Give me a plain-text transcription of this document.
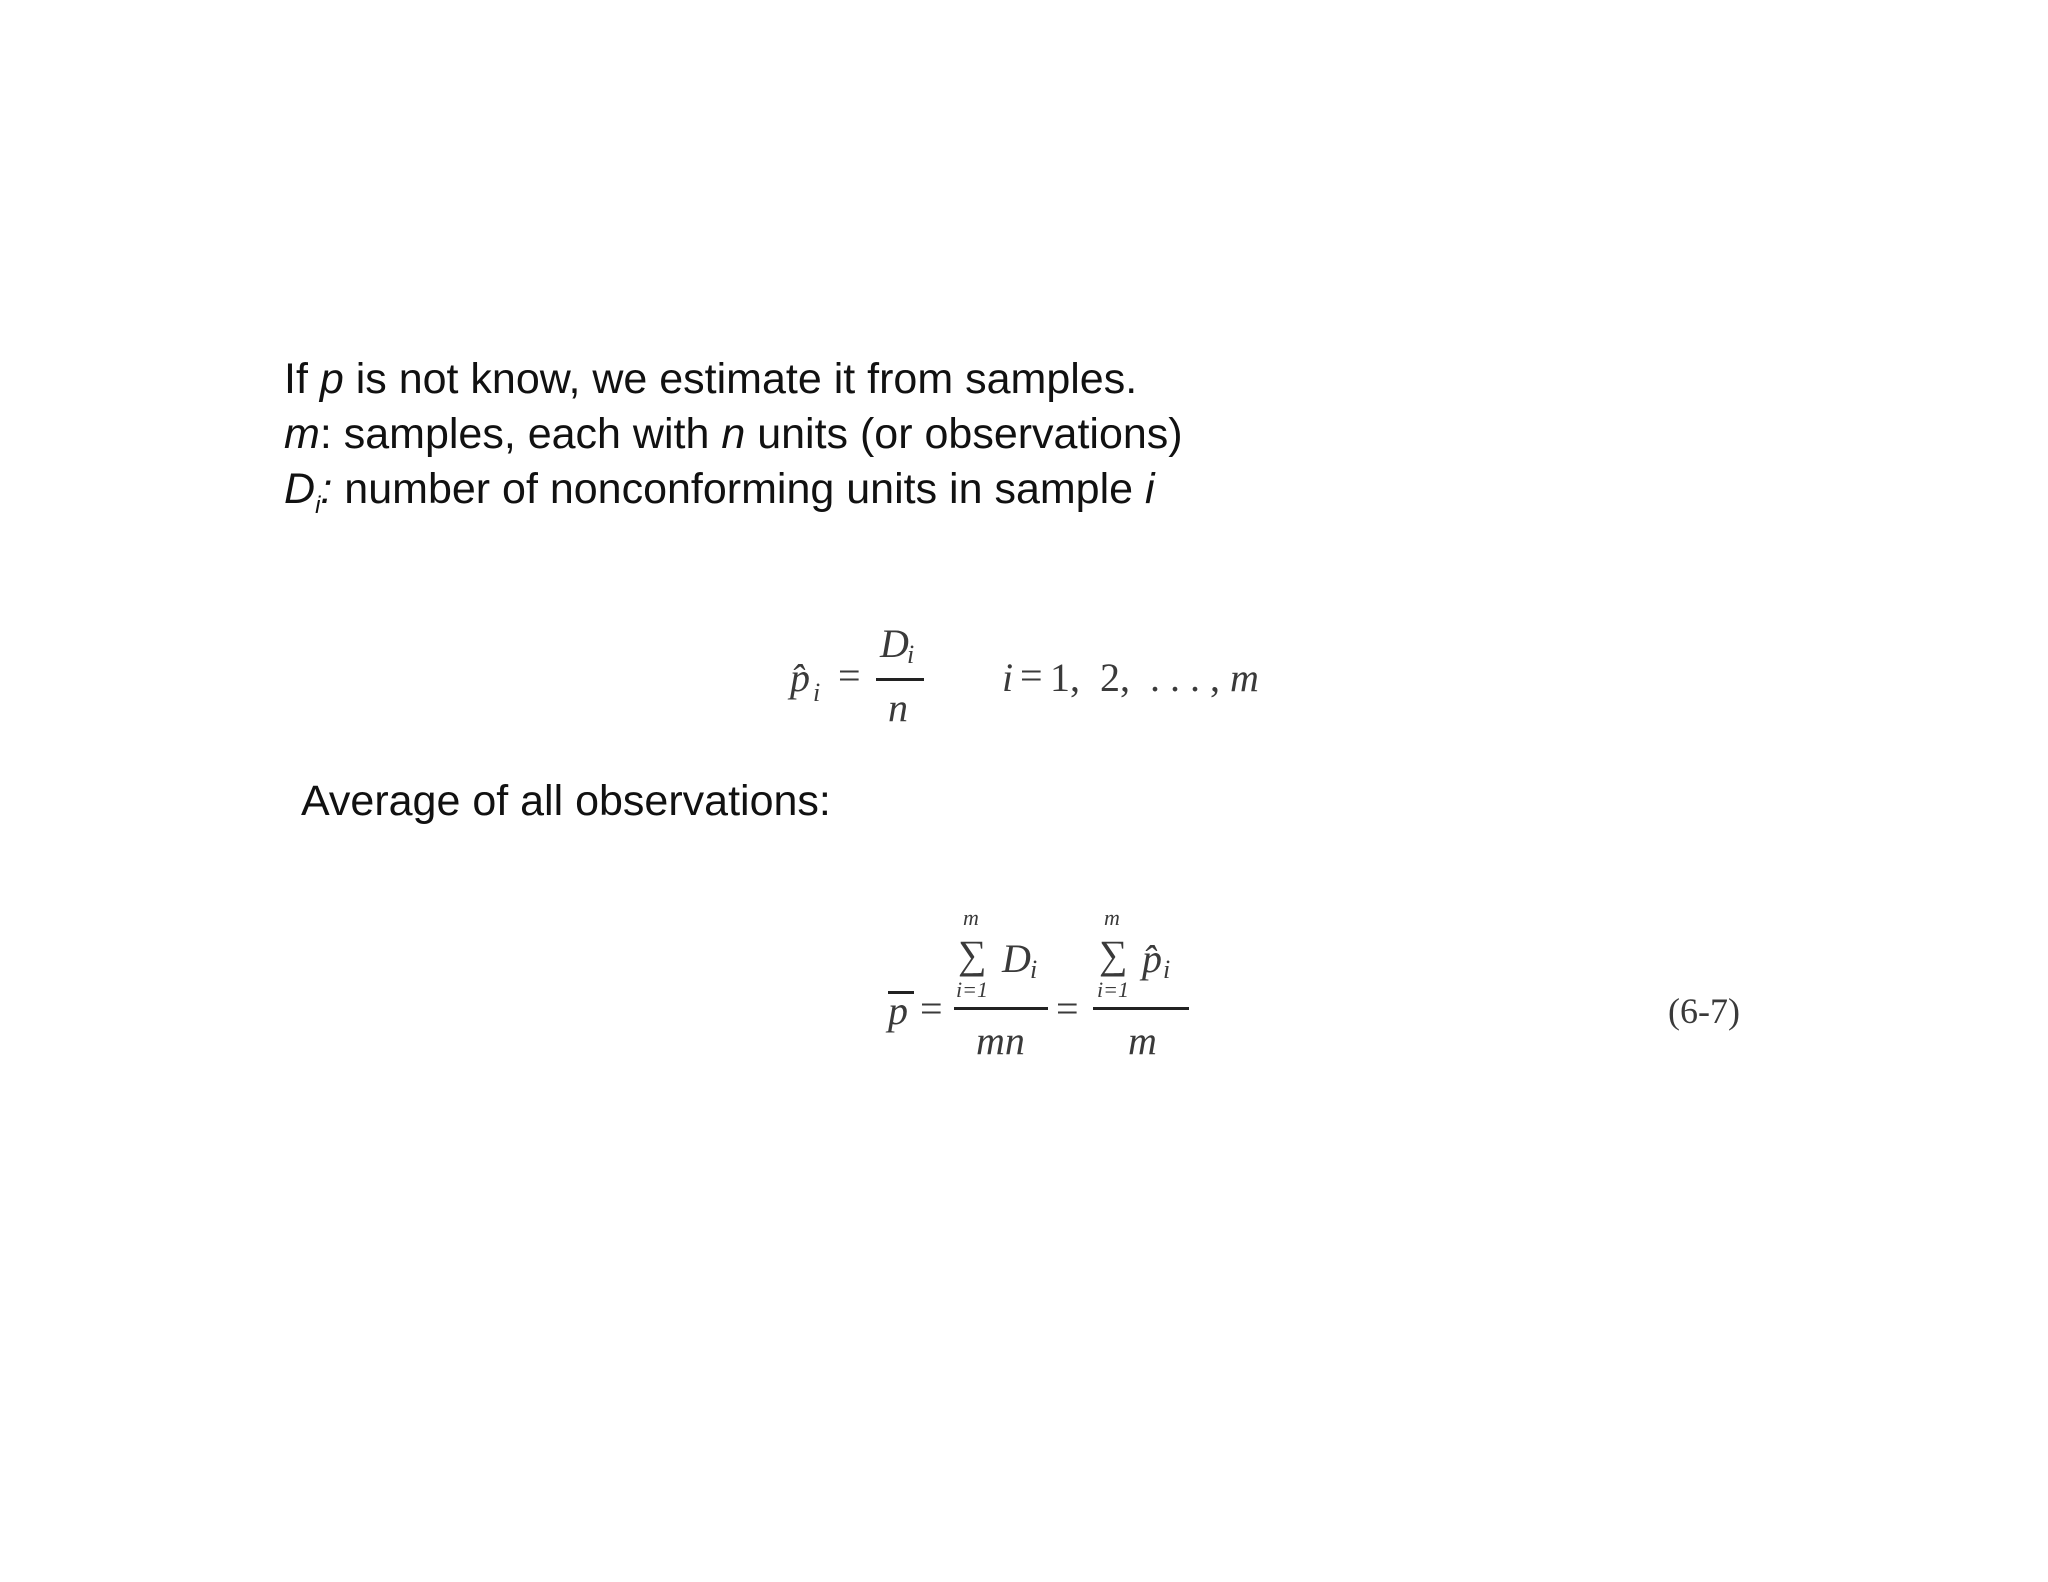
If p is not know, we estimate it from samples.
m: samples, each with n units (or observations)
$D_i$: number of nonconforming units in sample i
p̂ i =
D
i
n
i = 1,  2,  . . . , m
Average of all observations:
p =
m
∑ D i
i=1
mn
=
m
∑ p̂ i
i=1
m
(6-7)
